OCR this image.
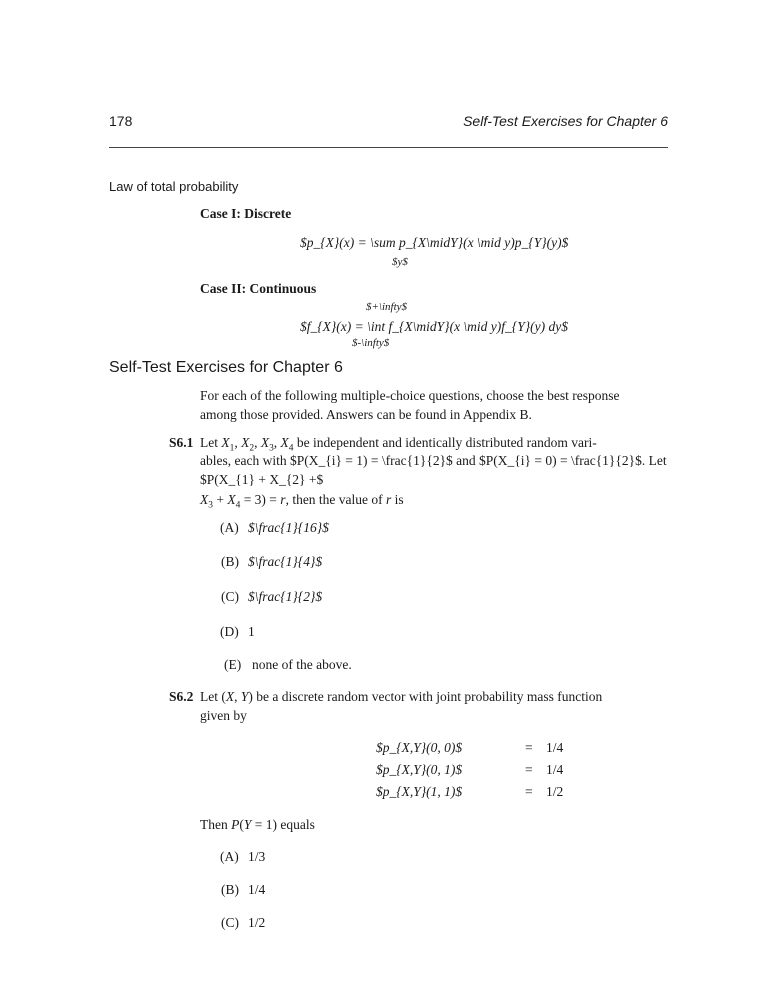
178	Self-Test Exercises for Chapter 6
Law of total probability
Case I: Discrete
$p_{X}(x) = \sum p_{X\midY}(x \mid y)p_{Y}(y)$
$y$
Case II: Continuous
$+\infty$
$f_{X}(x) = \int f_{X\midY}(x \mid y)f_{Y}(y) dy$
$-\infty$
Self-Test Exercises for Chapter 6
For each of the following multiple-choice questions, choose the best response
among those provided. Answers can be found in Appendix B.
S6.1 Let $X_1$, $X_2$, $X_3$, $X_4$ be independent and identically distributed random vari-
ables, each with $P(X_{i} = 1) = \frac{1}{2}$ and $P(X_{i} = 0) = \frac{1}{2}$. Let $P(X_{1} + X_{2} +$
$X_3 + X_4 = 3) = r$, then the value of r is
(A) $\frac{1}{16}$
(B) $\frac{1}{4}$
(C) $\frac{1}{2}$
(D) 1
(E) none of the above.
S6.2 Let (X, Y) be a discrete random vector with joint probability mass function
given by
$p_{X,Y}(0, 0)$	= 1/4
$p_{X,Y}(0, 1)$	= 1/4
$p_{X,Y}(1, 1)$	= 1/2
Then P(Y = 1) equals
(A) 1/3
(B) 1/4
(C) 1/2
